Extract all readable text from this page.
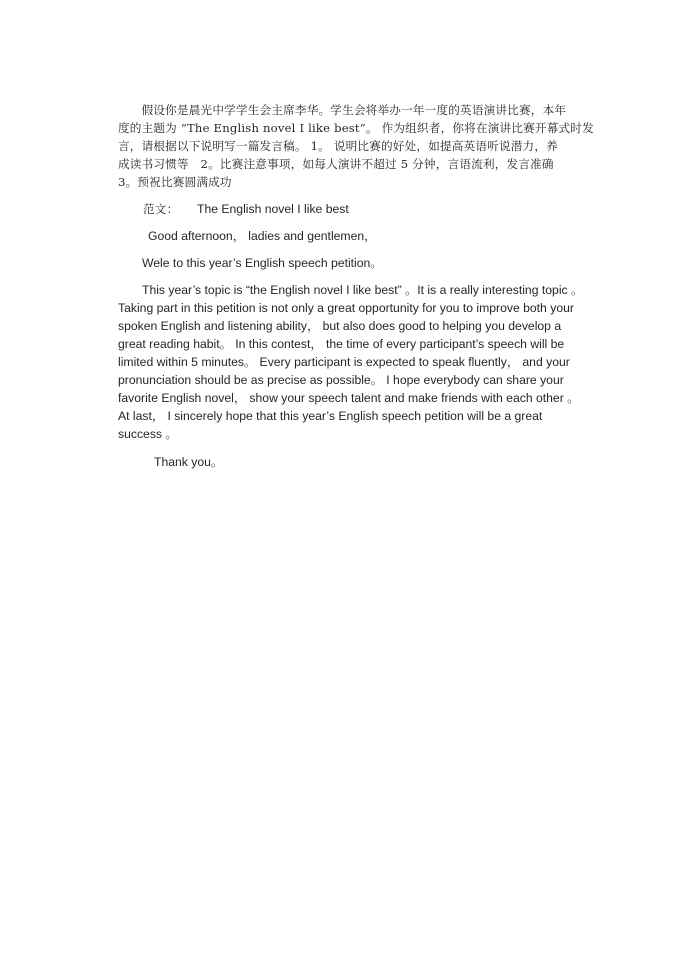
　　假设你是晨光中学学生会主席李华。学生会将举办一年一度的英语演讲比赛，本年
度的主题为 “The English novel I like best”。 作为组织者，你将在演讲比赛开幕式时发
言，请根据以下说明写一篇发言稿。 1。 说明比赛的好处，如提高英语听说潜力，养
成读书习惯等　2。比赛注意事项，如每人演讲不超过 5 分钟，言语流利，发言准确
3。预祝比赛圆满成功
范文： The English novel I like best
Good afternoon， ladies and gentlemen，
Wele to this year’s English speech petition。
This year’s topic is “the English novel I like best” 。It is a really interesting topic 。
Taking part in this petition is not only a great opportunity for you to improve both your
spoken English and listening ability， but also does good to helping you develop a
great reading habit。 In this contest， the time of every participant’s speech will be
limited within 5 minutes。 Every participant is expected to speak fluently， and your
pronunciation should be as precise as possible。 I hope everybody can share your
favorite English novel， show your speech talent and make friends with each other 。
At last， I sincerely hope that this year’s English speech petition will be a great
success 。
Thank you。
